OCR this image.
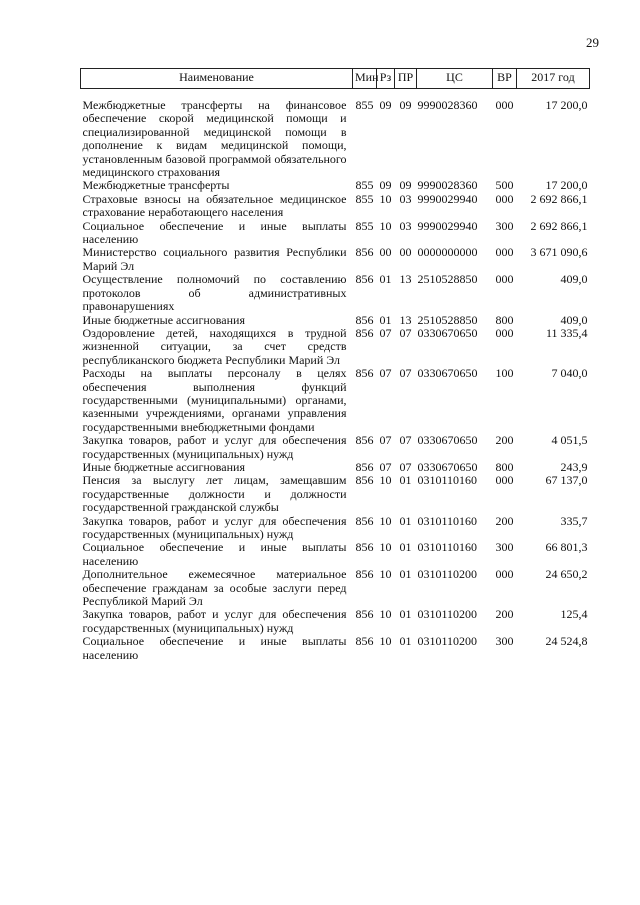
29
Наименование	Мин	Рз	ПР	ЦС	ВР	2017 год

Межбюджетные трансферты на финансовое обеспечение скорой медицинской помощи и специализированной медицинской помощи в дополнение к видам медицинской помощи, установленным базовой программой обязательного медицинского страхования	855	09	09	9990028360	000	17 200,0
Межбюджетные трансферты	855	09	09	9990028360	500	17 200,0
Страховые взносы на обязательное медицинское страхование неработающего населения	855	10	03	9990029940	000	2 692 866,1
Социальное обеспечение и иные выплаты населению	855	10	03	9990029940	300	2 692 866,1
Министерство социального развития Республики Марий Эл	856	00	00	0000000000	000	3 671 090,6
Осуществление полномочий по составлению протоколов об административных правонарушениях	856	01	13	2510528850	000	409,0
Иные бюджетные ассигнования	856	01	13	2510528850	800	409,0
Оздоровление детей, находящихся в трудной жизненной ситуации, за счет средств республиканского бюджета Республики Марий Эл	856	07	07	0330670650	000	11 335,4
Расходы на выплаты персоналу в целях обеспечения выполнения функций государственными (муниципальными) органами, казенными учреждениями, органами управления государственными внебюджетными фондами	856	07	07	0330670650	100	7 040,0
Закупка товаров, работ и услуг для обеспечения государственных (муниципальных) нужд	856	07	07	0330670650	200	4 051,5
Иные бюджетные ассигнования	856	07	07	0330670650	800	243,9
Пенсия за выслугу лет лицам, замещавшим государственные должности и должности государственной гражданской службы	856	10	01	0310110160	000	67 137,0
Закупка товаров, работ и услуг для обеспечения государственных (муниципальных) нужд	856	10	01	0310110160	200	335,7
Социальное обеспечение и иные выплаты населению	856	10	01	0310110160	300	66 801,3
Дополнительное ежемесячное материальное обеспечение гражданам за особые заслуги перед Республикой Марий Эл	856	10	01	0310110200	000	24 650,2
Закупка товаров, работ и услуг для обеспечения государственных (муниципальных) нужд	856	10	01	0310110200	200	125,4
Социальное обеспечение и иные выплаты населению	856	10	01	0310110200	300	24 524,8
